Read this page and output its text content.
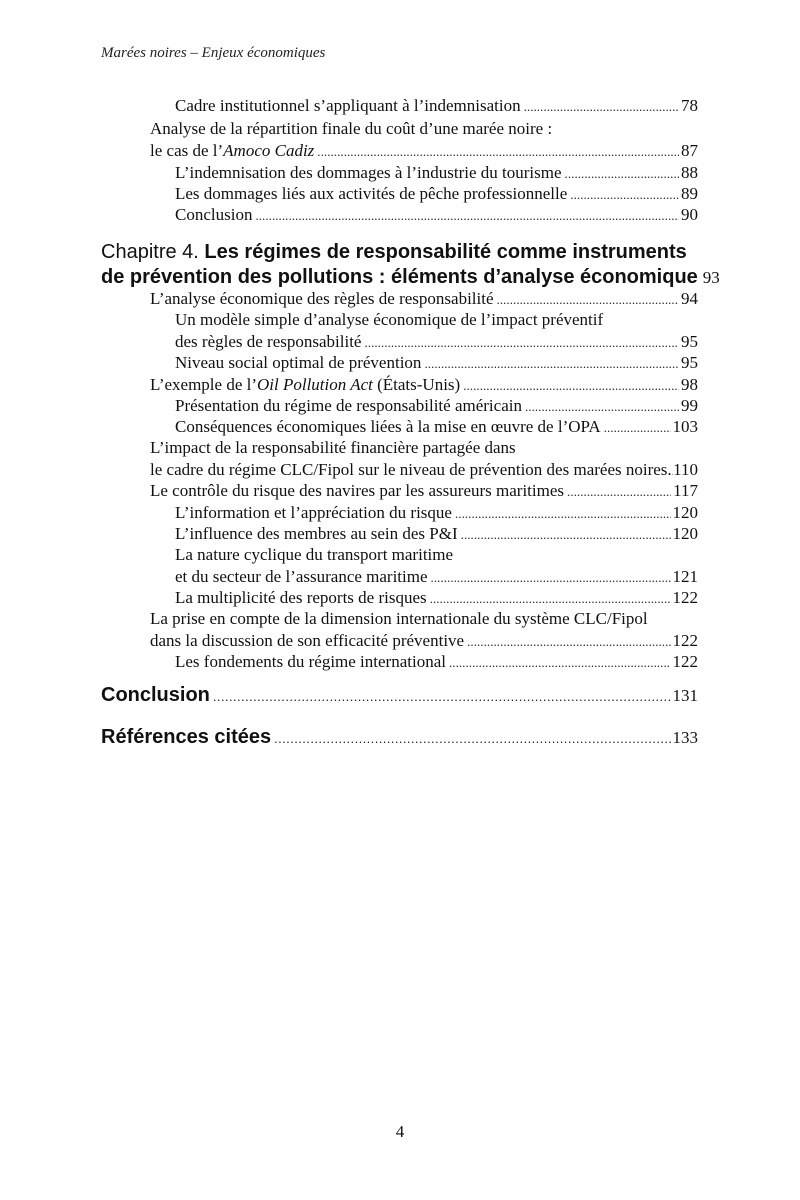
Marées noires – Enjeux économiques
Cadre institutionnel s’appliquant à l’indemnisation . . .	78
Analyse de la répartition finale du coût d’une marée noire :
le cas de l’Amoco Cadiz . . .	87
L’indemnisation des dommages à l’industrie du tourisme . . .	88
Les dommages liés aux activités de pêche professionnelle . . .	89
Conclusion . . .	90
Chapitre 4. Les régimes de responsabilité comme instruments
de prévention des pollutions : éléments d’analyse économique 93
L’analyse économique des règles de responsabilité . . .	94
Un modèle simple d’analyse économique de l’impact préventif
des règles de responsabilité . . .	95
Niveau social optimal de prévention . . .	95
L’exemple de l’Oil Pollution Act (États-Unis) . . .	98
Présentation du régime de responsabilité américain . . .	99
Conséquences économiques liées à la mise en œuvre de l’OPA . . .	103
L’impact de la responsabilité financière partagée dans
le cadre du régime CLC/Fipol sur le niveau de prévention des marées noires. . . . 110
Le contrôle du risque des navires par les assureurs maritimes . . .	117
L’information et l’appréciation du risque . . .	120
L’influence des membres au sein des P&I . . .	120
La nature cyclique du transport maritime
et du secteur de l’assurance maritime . . .	121
La multiplicité des reports de risques . . .	122
La prise en compte de la dimension internationale du système CLC/Fipol
dans la discussion de son efficacité préventive . . .	122
Les fondements du régime international . . .	122
Conclusion . . .	131
Références citées . . .	133
4
